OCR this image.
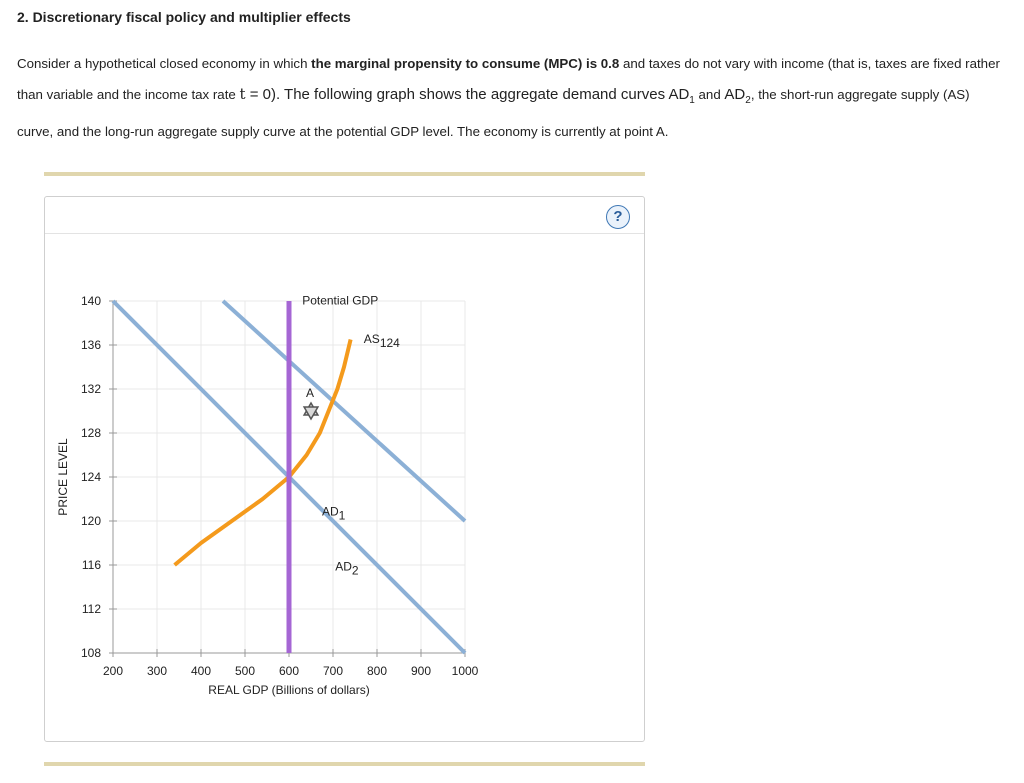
2. Discretionary fiscal policy and multiplier effects

Consider a hypothetical closed economy in which the marginal propensity to consume (MPC) is 0.8 and taxes do not vary with income (that is, taxes are fixed rather than variable and the income tax rate t = 0). The following graph shows the aggregate demand curves $AD_1$ and $AD_2$, the short-run aggregate supply (AS) curve, and the long-run aggregate supply curve at the potential GDP level. The economy is currently at point A.

?
108
112
116
120
124
128
132
136
140
200 300 400 500 600 700 800 900 1000
REAL GDP (Billions of dollars)
PRICE LEVEL	AD1
AD2
AS124
Potential GDP
A
